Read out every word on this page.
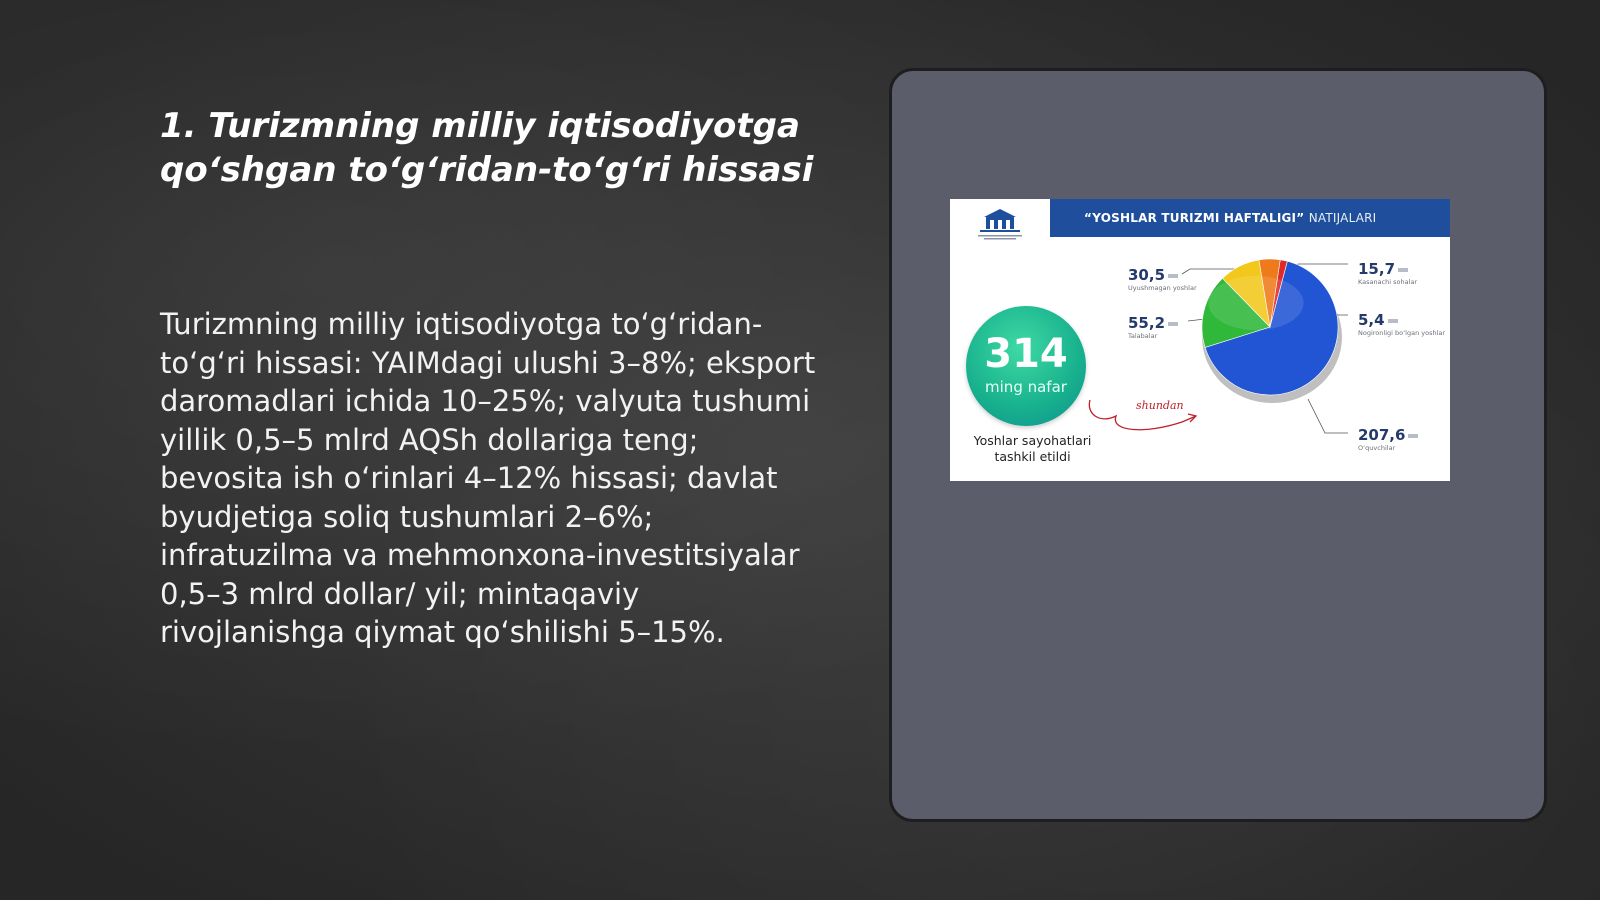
1. Turizmning milliy iqtisodiyotga qoʻshgan toʻgʻridan-toʻgʻri hissasi

Turizmning milliy iqtisodiyotga toʻgʻridan-toʻgʻri hissasi: YAIMdagi ulushi 3–8%; eksport daromadlari ichida 10–25%; valyuta tushumi yillik 0,5–5 mlrd AQSh dollariga teng; bevosita ish oʻrinlari 4–12% hissasi; davlat byudjetiga soliq tushumlari 2–6%; infratuzilma va mehmonxona-investitsiyalar 0,5–3 mlrd dollar/ yil; mintaqaviy rivojlanishga qiymat qoʻshilishi 5–15%.

“YOSHLAR TURIZMI HAFTALIGI” NATIJALARI
314
ming nafar
Yoshlar sayohatlari tashkil etildi
shundan
30,5
Uyushmagan yoshlar
55,2
Talabalar
15,7
Kasanachi sohalar
5,4
Nogironligi boʻlgan yoshlar
207,6
Oʻquvchilar
